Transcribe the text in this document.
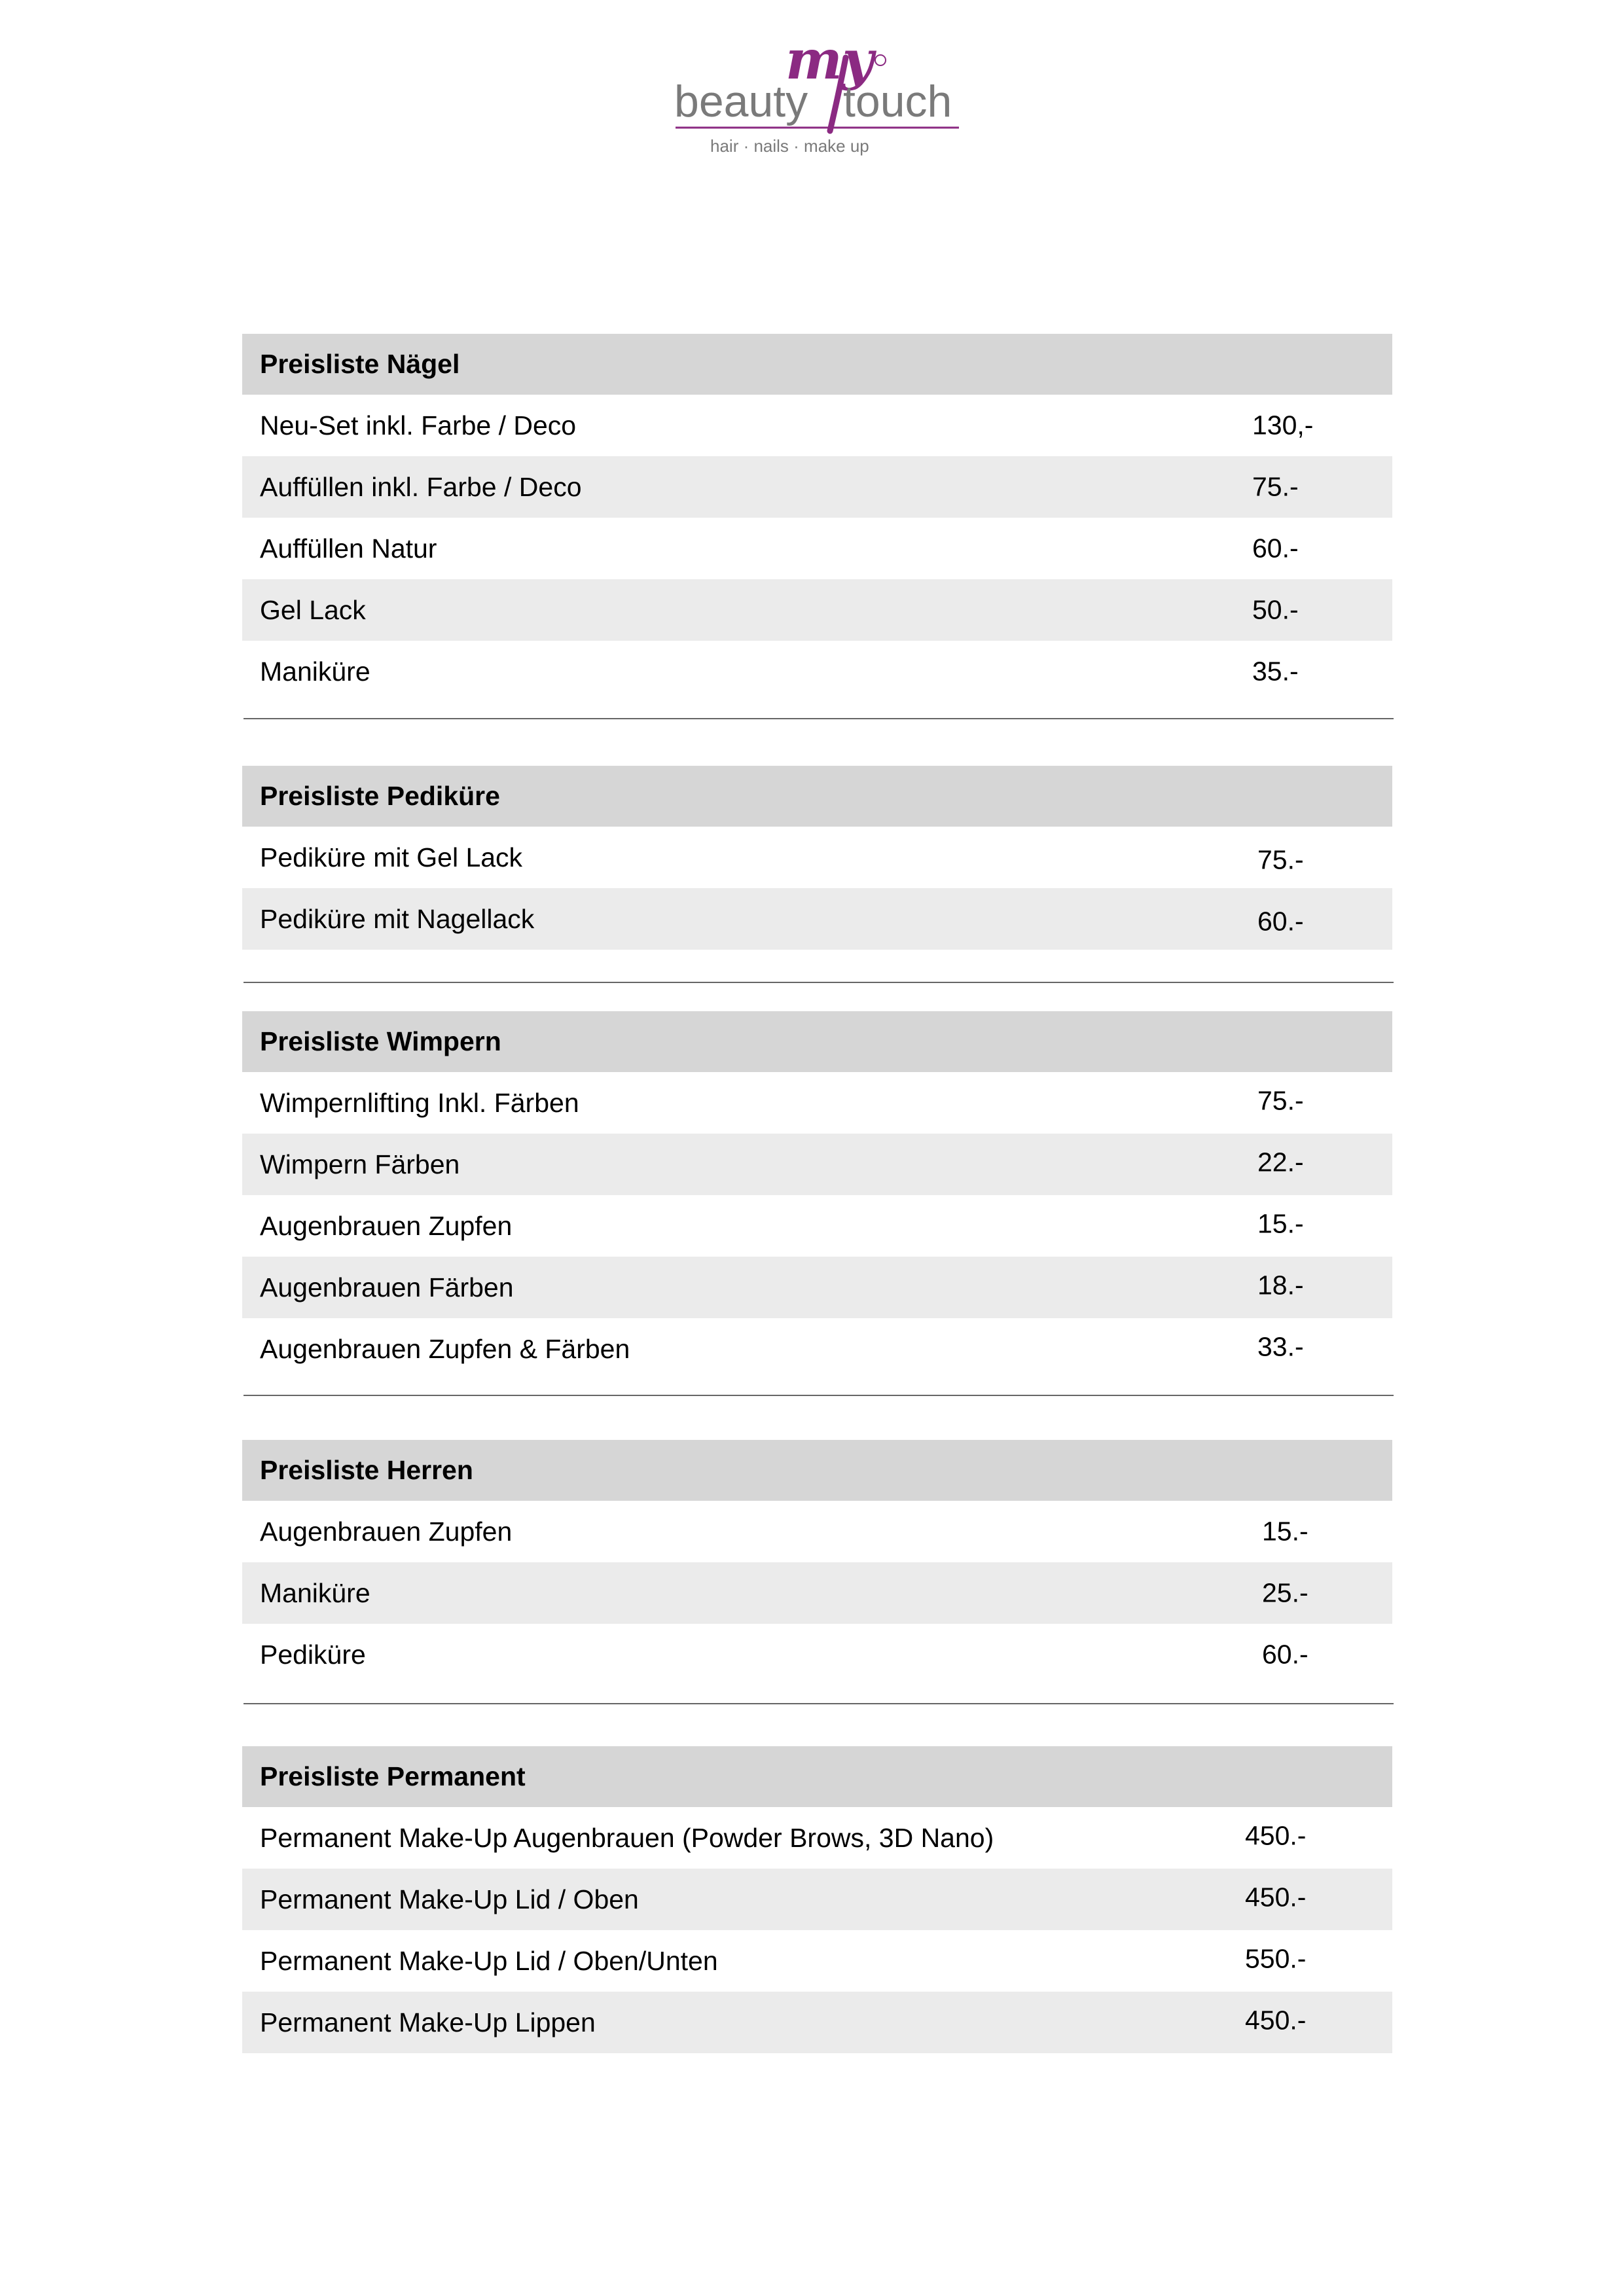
my
beauty touch
hair · nails · make up
Preisliste Nägel
Neu-Set inkl. Farbe / Deco	130,-
Auffüllen inkl. Farbe / Deco	75.-
Auffüllen Natur	60.-
Gel Lack	50.-
Maniküre	35.-
Preisliste Pediküre
Pediküre mit Gel Lack	75.-
Pediküre mit Nagellack	60.-
Preisliste Wimpern
Wimpernlifting Inkl. Färben	75.-
Wimpern Färben	22.-
Augenbrauen Zupfen	15.-
Augenbrauen Färben	18.-
Augenbrauen Zupfen & Färben	33.-
Preisliste Herren
Augenbrauen Zupfen	15.-
Maniküre	25.-
Pediküre	60.-
Preisliste Permanent
Permanent Make-Up Augenbrauen (Powder Brows, 3D Nano)	450.-
Permanent Make-Up Lid / Oben	450.-
Permanent Make-Up Lid / Oben/Unten	550.-
Permanent Make-Up Lippen	450.-
